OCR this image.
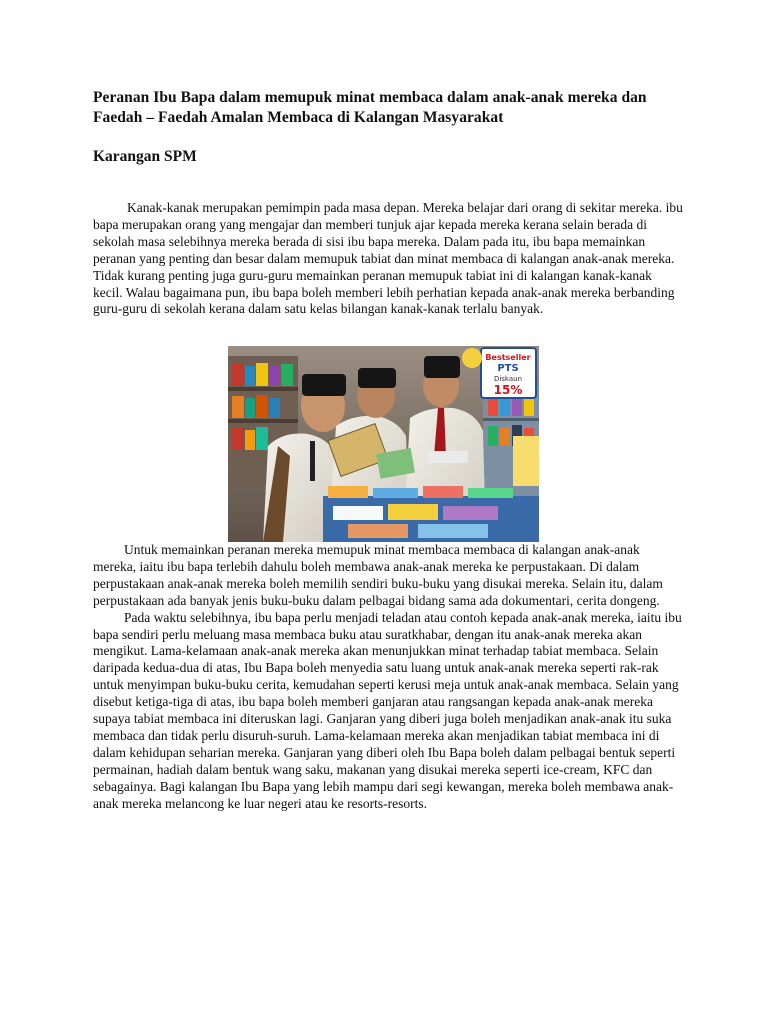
Peranan Ibu Bapa dalam memupuk minat membaca dalam anak-anak mereka dan Faedah – Faedah Amalan Membaca di Kalangan Masyarakat
Karangan SPM

Kanak-kanak merupakan pemimpin pada masa depan. Mereka belajar dari orang di sekitar mereka. ibu bapa merupakan orang yang mengajar dan memberi tunjuk ajar kepada mereka kerana selain berada di sekolah masa selebihnya mereka berada di sisi ibu bapa mereka. Dalam pada itu, ibu bapa memainkan peranan yang penting dan besar dalam memupuk tabiat dan minat membaca di kalangan anak-anak mereka. Tidak kurang penting juga guru-guru memainkan peranan memupuk tabiat ini di kalangan kanak-kanak kecil. Walau bagaimana pun, ibu bapa boleh memberi lebih perhatian kepada anak-anak mereka berbanding guru-guru di sekolah kerana dalam satu kelas bilangan kanak-kanak terlalu banyak.

Bestseller
PTS
Diskaun
15%

Untuk memainkan peranan mereka memupuk minat membaca membaca di kalangan anak-anak mereka, iaitu ibu bapa terlebih dahulu boleh membawa anak-anak mereka ke perpustakaan. Di dalam perpustakaan anak-anak mereka boleh memilih sendiri buku-buku yang disukai mereka. Selain itu, dalam perpustakaan ada banyak jenis buku-buku dalam pelbagai bidang sama ada dokumentari, cerita dongeng.

Pada waktu selebihnya, ibu bapa perlu menjadi teladan atau contoh kepada anak-anak mereka, iaitu ibu bapa sendiri perlu meluang masa membaca buku atau suratkhabar, dengan itu anak-anak mereka akan mengikut. Lama-kelamaan anak-anak mereka akan menunjukkan minat terhadap tabiat membaca. Selain daripada kedua-dua di atas, Ibu Bapa boleh menyedia satu luang untuk anak-anak mereka seperti rak-rak untuk menyimpan buku-buku cerita, kemudahan seperti kerusi meja untuk anak-anak membaca. Selain yang disebut ketiga-tiga di atas, ibu bapa boleh memberi ganjaran atau rangsangan kepada anak-anak mereka supaya tabiat membaca ini diteruskan lagi. Ganjaran yang diberi juga boleh menjadikan anak-anak itu suka membaca dan tidak perlu disuruh-suruh. Lama-kelamaan mereka akan menjadikan tabiat membaca ini di dalam kehidupan seharian mereka. Ganjaran yang diberi oleh Ibu Bapa boleh dalam pelbagai bentuk seperti permainan, hadiah dalam bentuk wang saku, makanan yang disukai mereka seperti ice-cream, KFC dan sebagainya. Bagi kalangan Ibu Bapa yang lebih mampu dari segi kewangan, mereka boleh membawa anak-anak mereka melancong ke luar negeri atau ke resorts-resorts.
